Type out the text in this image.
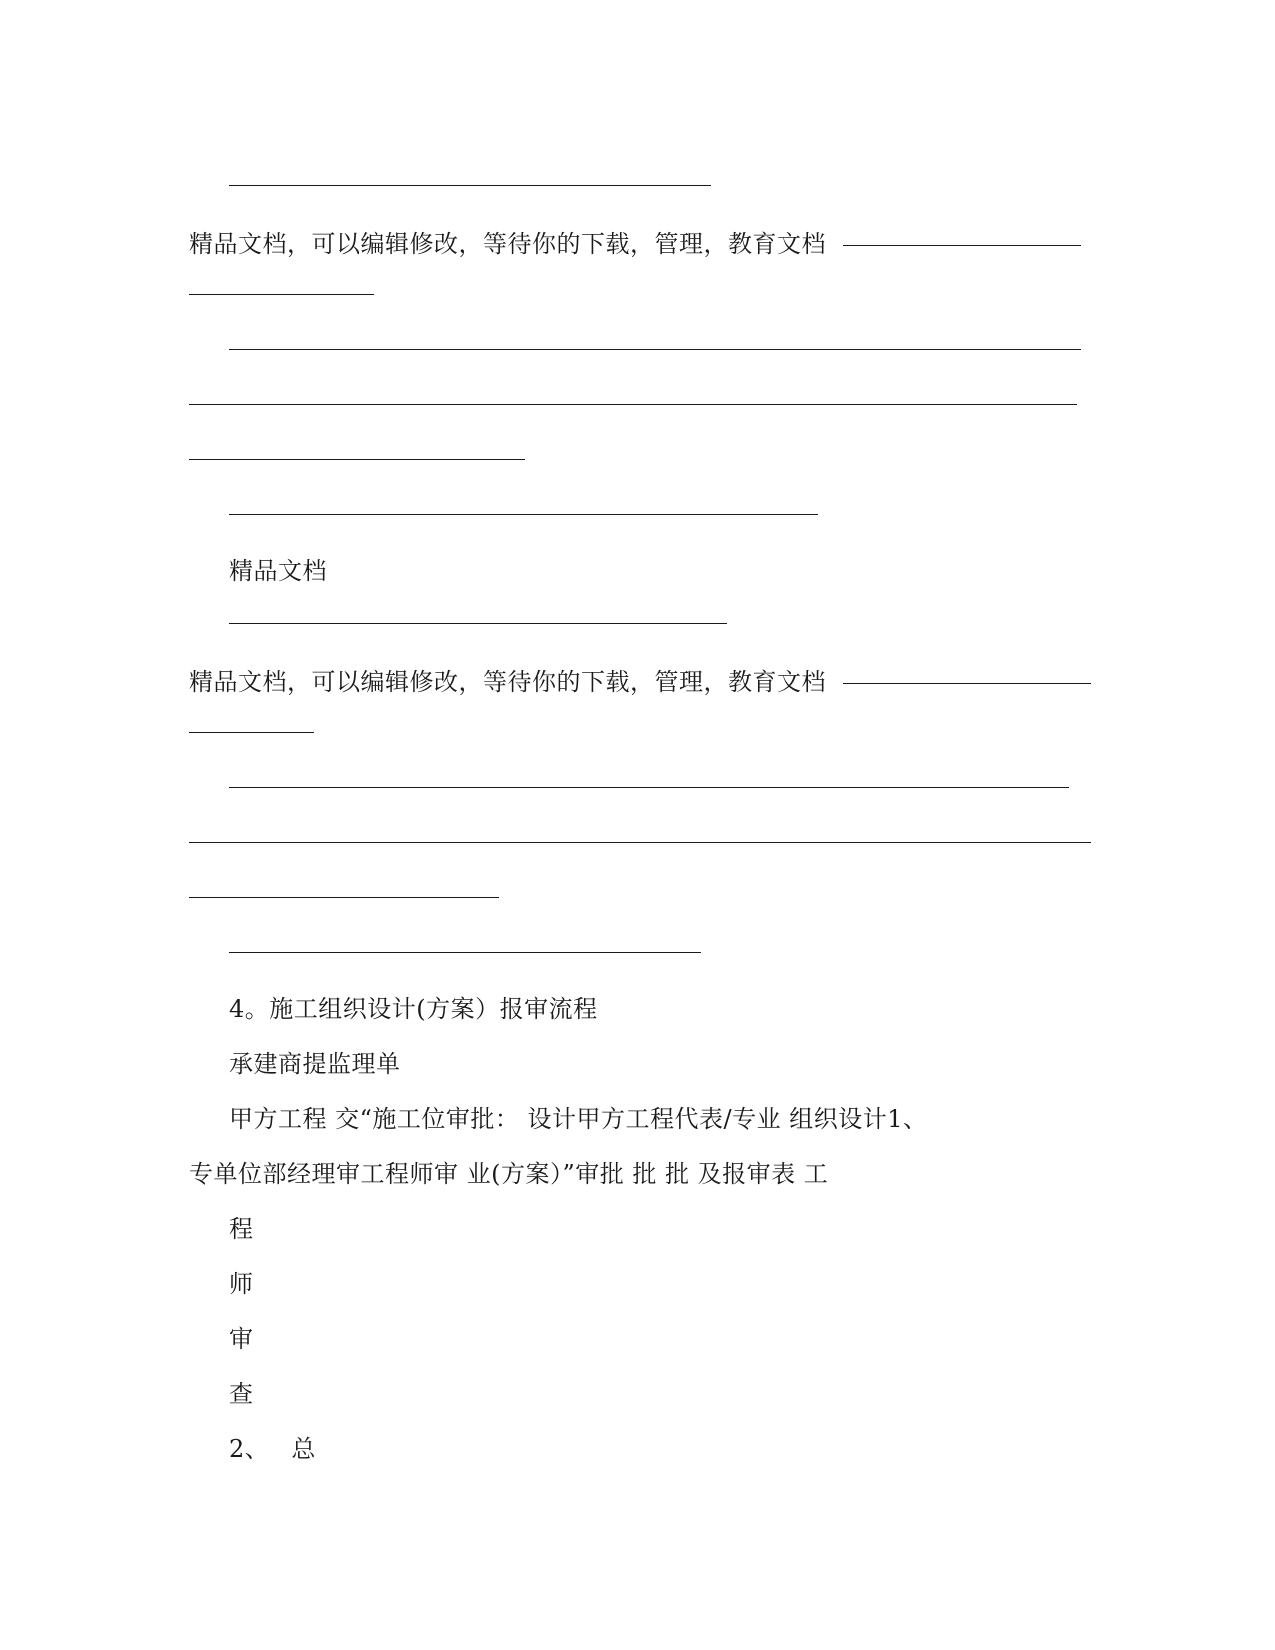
精品文档，可以编辑修改，等待你的下载，管理，教育文档
精品文档
精品文档，可以编辑修改，等待你的下载，管理，教育文档
4。施工组织设计(方案）报审流程
承建商提监理单
甲方工程 交“施工位审批： 设计甲方工程代表/专业 组织设计1、
专单位部经理审工程师审 业(方案）”审批 批 批 及报审表 工
程
师
审
查
2、 总
